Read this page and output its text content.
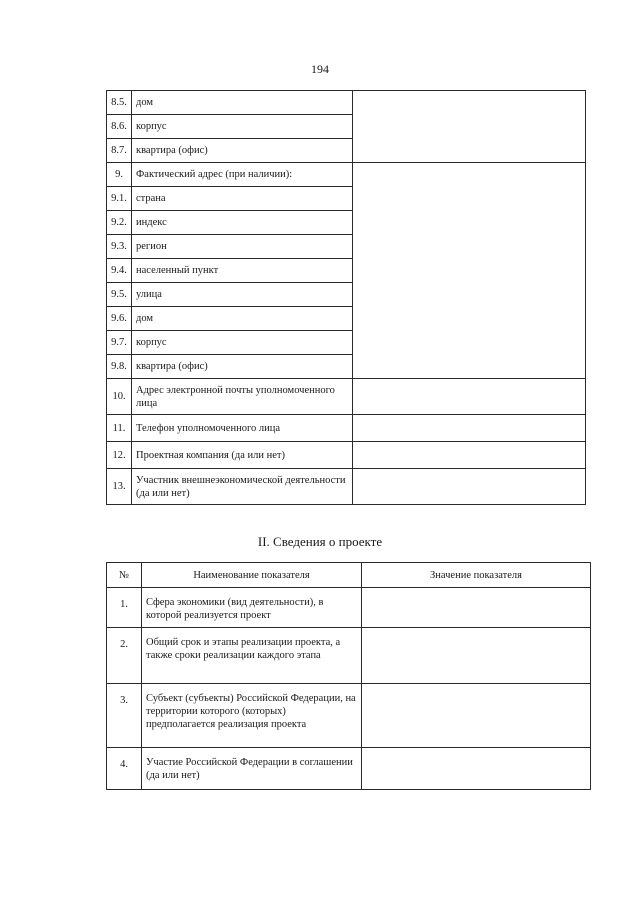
194
8.5.	дом	
8.6.	корпус	
8.7.	квартира (офис)	
9.	Фактический адрес (при наличии):	
9.1.	страна	
9.2.	индекс	
9.3.	регион	
9.4.	населенный пункт	
9.5.	улица	
9.6.	дом	
9.7.	корпус	
9.8.	квартира (офис)	
10.	Адрес электронной почты уполномоченного лица	
11.	Телефон уполномоченного лица	
12.	Проектная компания (да или нет)	
13.	Участник внешнеэкономической деятельности (да или нет)	
II. Сведения о проекте
№	Наименование показателя	Значение показателя
1.	Сфера экономики (вид деятельности), в которой реализуется проект	
2.	Общий срок и этапы реализации проекта, а также сроки реализации каждого этапа	
3.	Субъект (субъекты) Российской Федерации, на территории которого (которых) предполагается реализация проекта	
4.	Участие Российской Федерации в соглашении (да или нет)	
